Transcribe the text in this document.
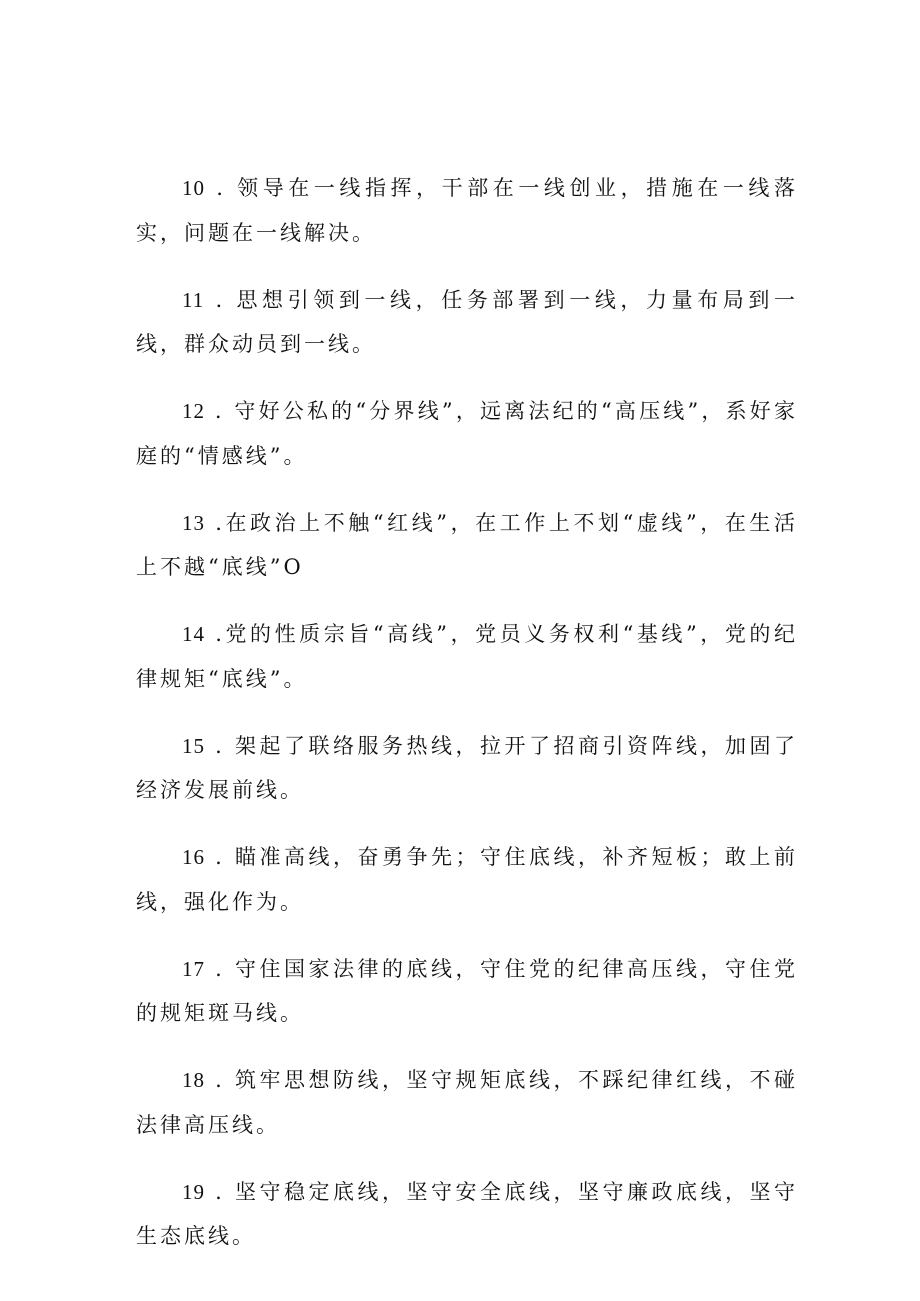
10 . 领导在一线指挥，干部在一线创业，措施在一线落实，问题在一线解决。

11 . 思想引领到一线，任务部署到一线，力量布局到一线，群众动员到一线。

12 . 守好公私的“分界线”，远离法纪的“高压线”，系好家庭的“情感线”。

13 .在政治上不触“红线”，在工作上不划“虚线”，在生活上不越“底线”O

14 .党的性质宗旨“高线”，党员义务权利“基线”，党的纪律规矩“底线”。

15 . 架起了联络服务热线，拉开了招商引资阵线，加固了经济发展前线。

16 . 瞄准高线，奋勇争先；守住底线，补齐短板；敢上前线，强化作为。

17 . 守住国家法律的底线，守住党的纪律高压线，守住党的规矩斑马线。

18 . 筑牢思想防线，坚守规矩底线，不踩纪律红线，不碰法律高压线。

19 . 坚守稳定底线，坚守安全底线，坚守廉政底线，坚守生态底线。
